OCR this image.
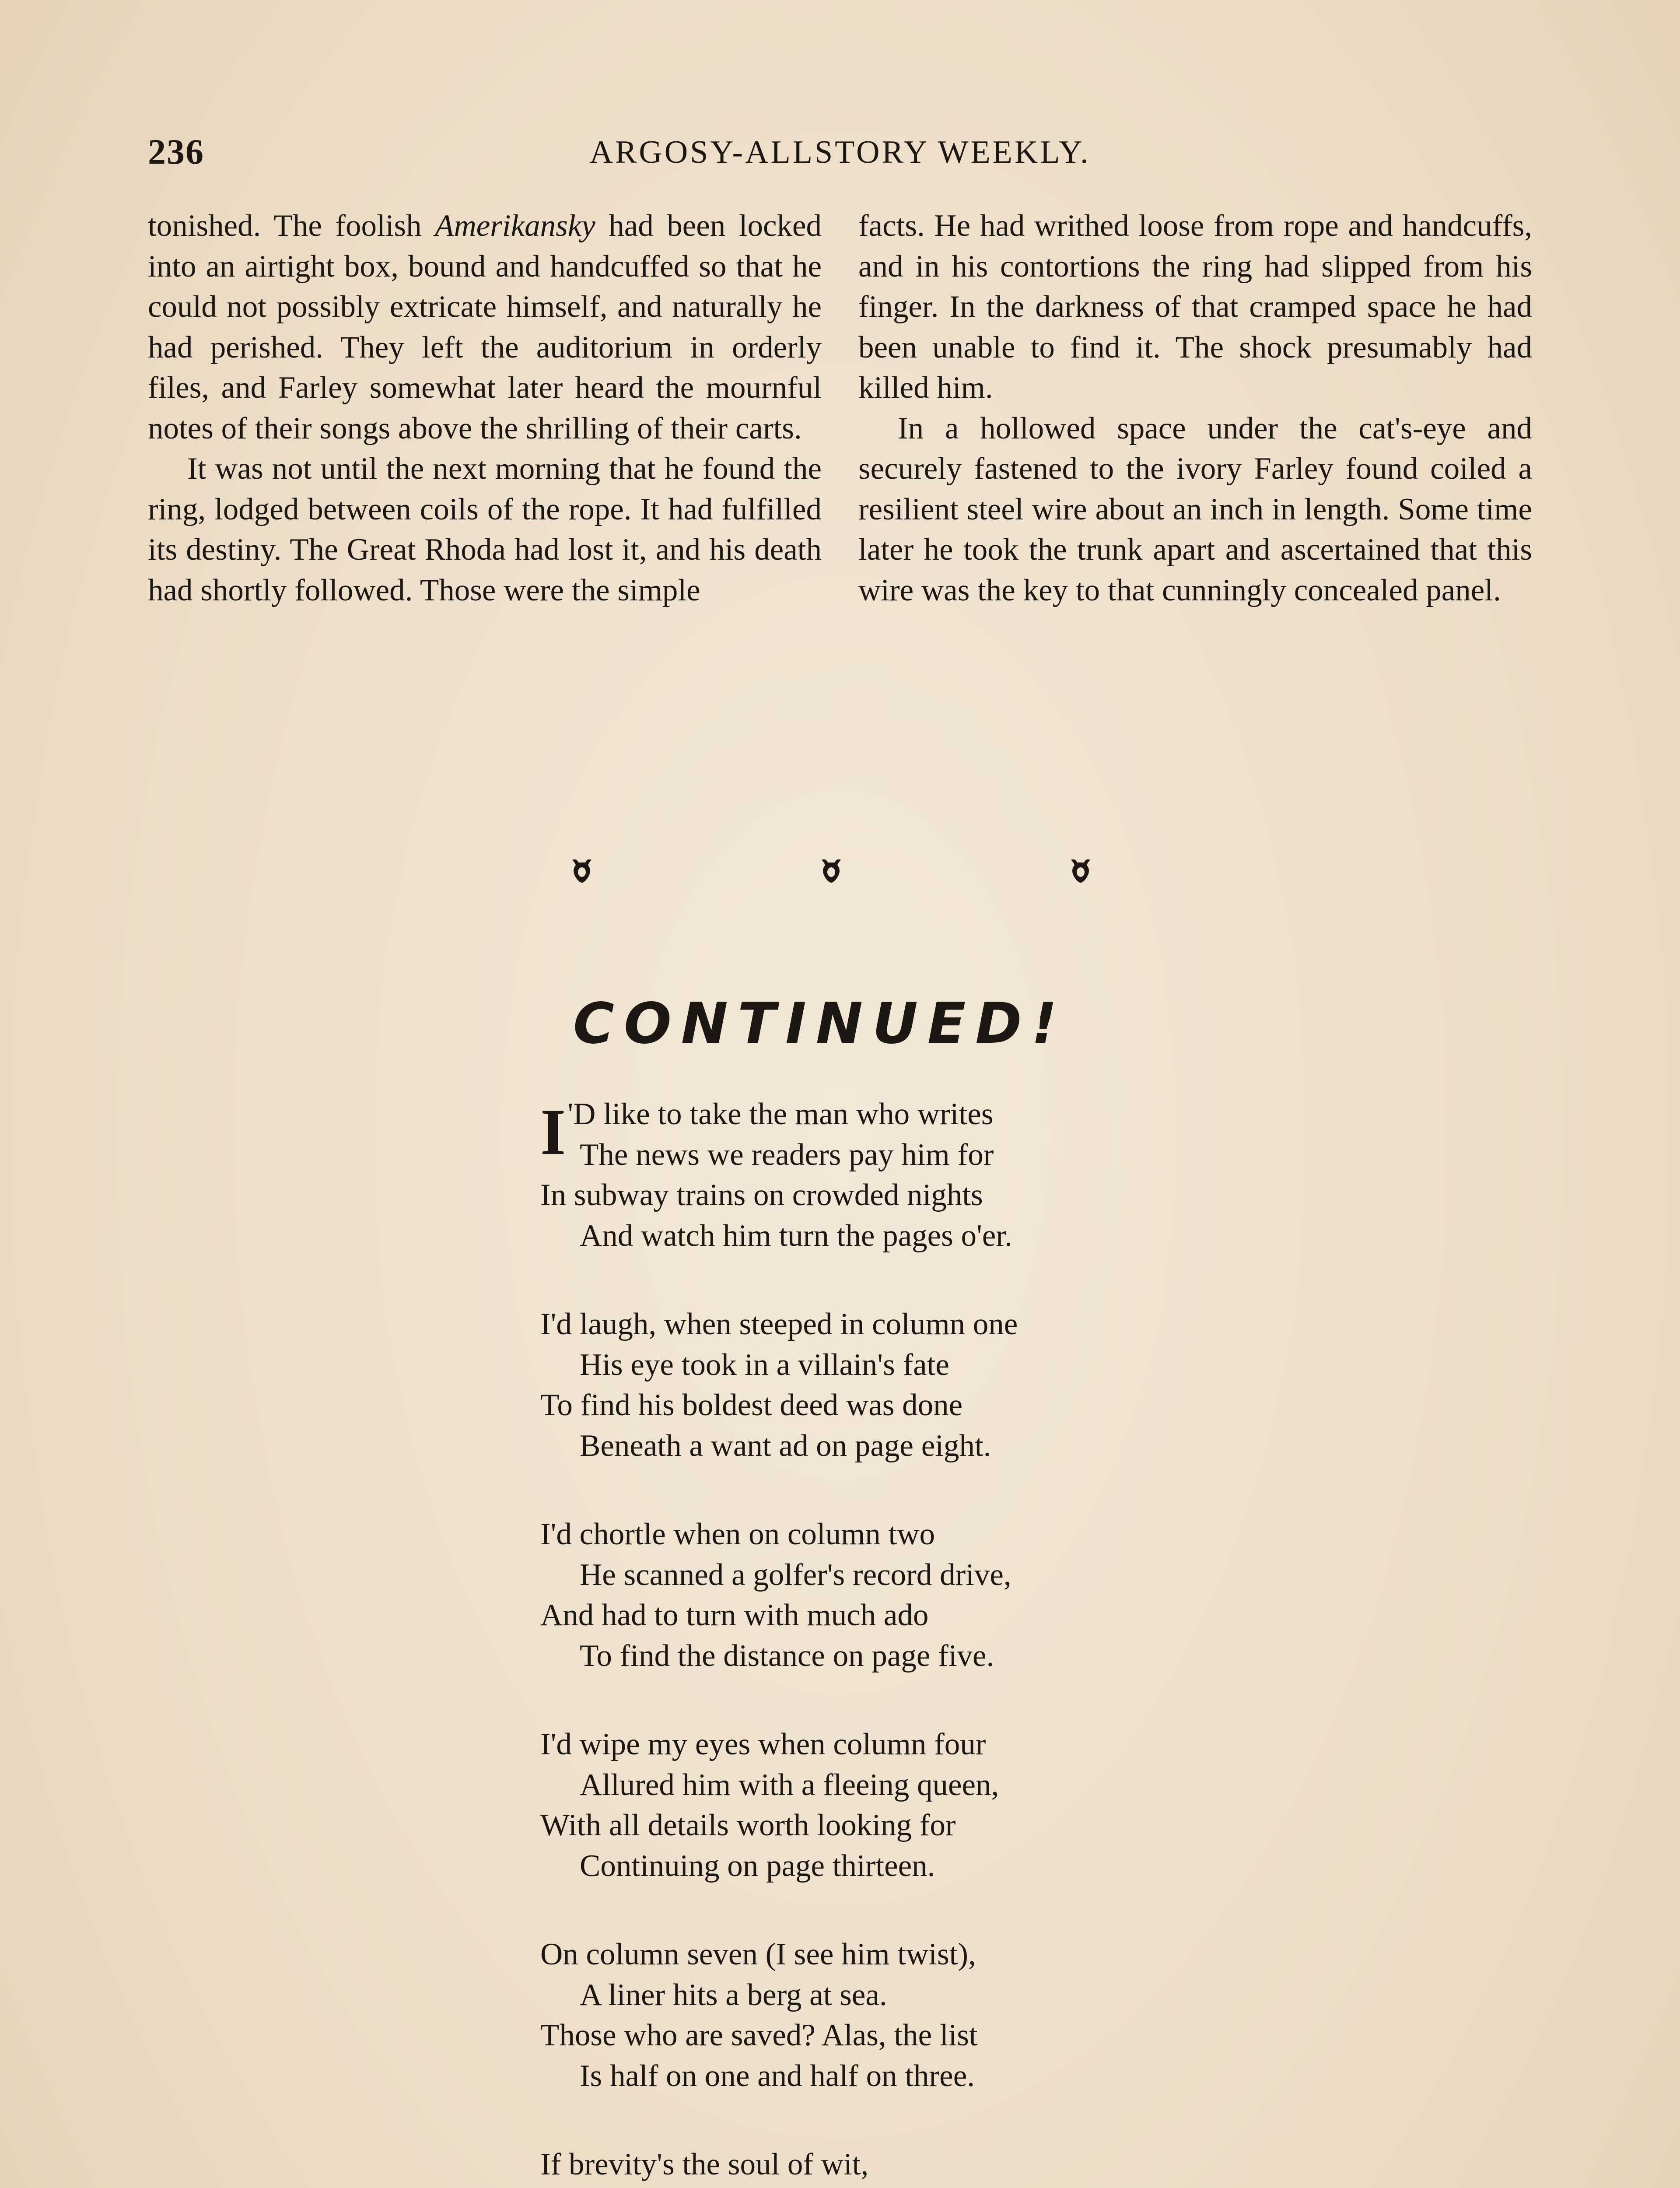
236	ARGOSY-ALLSTORY WEEKLY.

tonished. The foolish Amerikansky had been locked into an airtight box, bound and handcuffed so that he could not possibly extricate himself, and naturally he had perished. They left the auditorium in orderly files, and Farley somewhat later heard the mournful notes of their songs above the shrilling of their carts.

It was not until the next morning that he found the ring, lodged between coils of the rope. It had fulfilled its destiny. The Great Rhoda had lost it, and his death had shortly followed. Those were the simple

facts. He had writhed loose from rope and handcuffs, and in his contortions the ring had slipped from his finger. In the darkness of that cramped space he had been unable to find it. The shock presumably had killed him.

In a hollowed space under the cat's-eye and securely fastened to the ivory Farley found coiled a resilient steel wire about an inch in length. Some time later he took the trunk apart and ascertained that this wire was the key to that cunningly concealed panel.

CONTINUED!
I 'D like to take the man who writes
The news we readers pay him for
In subway trains on crowded nights
And watch him turn the pages o'er.
I'd laugh, when steeped in column one
His eye took in a villain's fate
To find his boldest deed was done
Beneath a want ad on page eight.
I'd chortle when on column two
He scanned a golfer's record drive,
And had to turn with much ado
To find the distance on page five.
I'd wipe my eyes when column four
Allured him with a fleeing queen,
With all details worth looking for
Continuing on page thirteen.
On column seven (I see him twist),
A liner hits a berg at sea.
Those who are saved? Alas, the list
Is half on one and half on three.
If brevity's the soul of wit,
